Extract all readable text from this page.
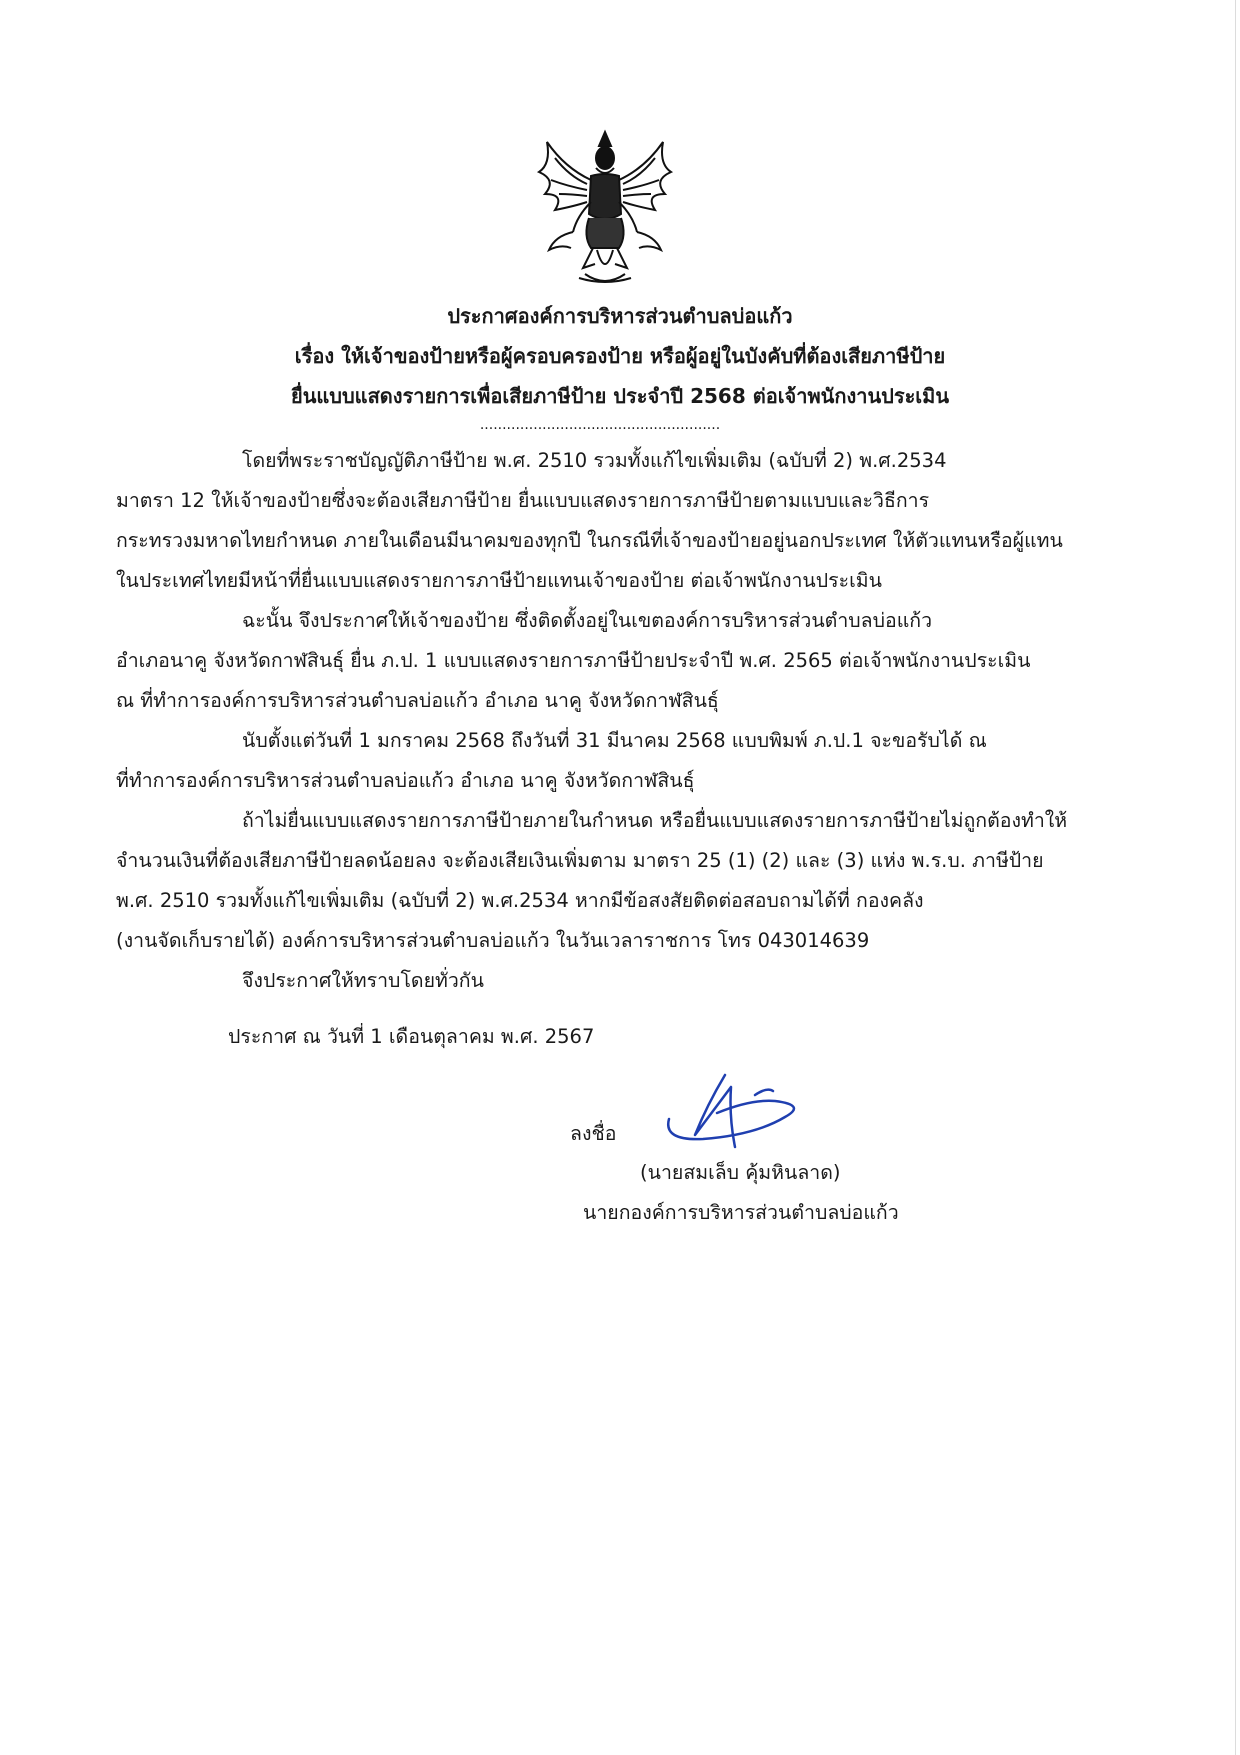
ประกาศองค์การบริหารส่วนตำบลบ่อแก้ว
เรื่อง ให้เจ้าของป้ายหรือผู้ครอบครองป้าย หรือผู้อยู่ในบังคับที่ต้องเสียภาษีป้าย
ยื่นแบบแสดงรายการเพื่อเสียภาษีป้าย ประจำปี 2568 ต่อเจ้าพนักงานประเมิน
......................................................
โดยที่พระราชบัญญัติภาษีป้าย พ.ศ. 2510 รวมทั้งแก้ไขเพิ่มเติม (ฉบับที่ 2) พ.ศ.2534
มาตรา 12 ให้เจ้าของป้ายซึ่งจะต้องเสียภาษีป้าย ยื่นแบบแสดงรายการภาษีป้ายตามแบบและวิธีการ
กระทรวงมหาดไทยกำหนด ภายในเดือนมีนาคมของทุกปี ในกรณีที่เจ้าของป้ายอยู่นอกประเทศ ให้ตัวแทนหรือผู้แทน
ในประเทศไทยมีหน้าที่ยื่นแบบแสดงรายการภาษีป้ายแทนเจ้าของป้าย ต่อเจ้าพนักงานประเมิน
ฉะนั้น จึงประกาศให้เจ้าของป้าย ซึ่งติดตั้งอยู่ในเขตองค์การบริหารส่วนตำบลบ่อแก้ว
อำเภอนาคู จังหวัดกาฬสินธุ์ ยื่น ภ.ป. 1 แบบแสดงรายการภาษีป้ายประจำปี พ.ศ. 2565 ต่อเจ้าพนักงานประเมิน
ณ ที่ทำการองค์การบริหารส่วนตำบลบ่อแก้ว อำเภอ นาคู จังหวัดกาฬสินธุ์
นับตั้งแต่วันที่ 1 มกราคม 2568 ถึงวันที่ 31 มีนาคม 2568 แบบพิมพ์ ภ.ป.1 จะขอรับได้ ณ
ที่ทำการองค์การบริหารส่วนตำบลบ่อแก้ว อำเภอ นาคู จังหวัดกาฬสินธุ์
ถ้าไม่ยื่นแบบแสดงรายการภาษีป้ายภายในกำหนด หรือยื่นแบบแสดงรายการภาษีป้ายไม่ถูกต้องทำให้
จำนวนเงินที่ต้องเสียภาษีป้ายลดน้อยลง จะต้องเสียเงินเพิ่มตาม มาตรา 25 (1) (2) และ (3) แห่ง พ.ร.บ. ภาษีป้าย
พ.ศ. 2510 รวมทั้งแก้ไขเพิ่มเติม (ฉบับที่ 2) พ.ศ.2534 หากมีข้อสงสัยติดต่อสอบถามได้ที่ กองคลัง
(งานจัดเก็บรายได้) องค์การบริหารส่วนตำบลบ่อแก้ว ในวันเวลาราชการ โทร 043014639
จึงประกาศให้ทราบโดยทั่วกัน
ประกาศ ณ วันที่ 1 เดือนตุลาคม พ.ศ. 2567
ลงชื่อ
(นายสมเล็บ คุ้มหินลาด)
นายกองค์การบริหารส่วนตำบลบ่อแก้ว
